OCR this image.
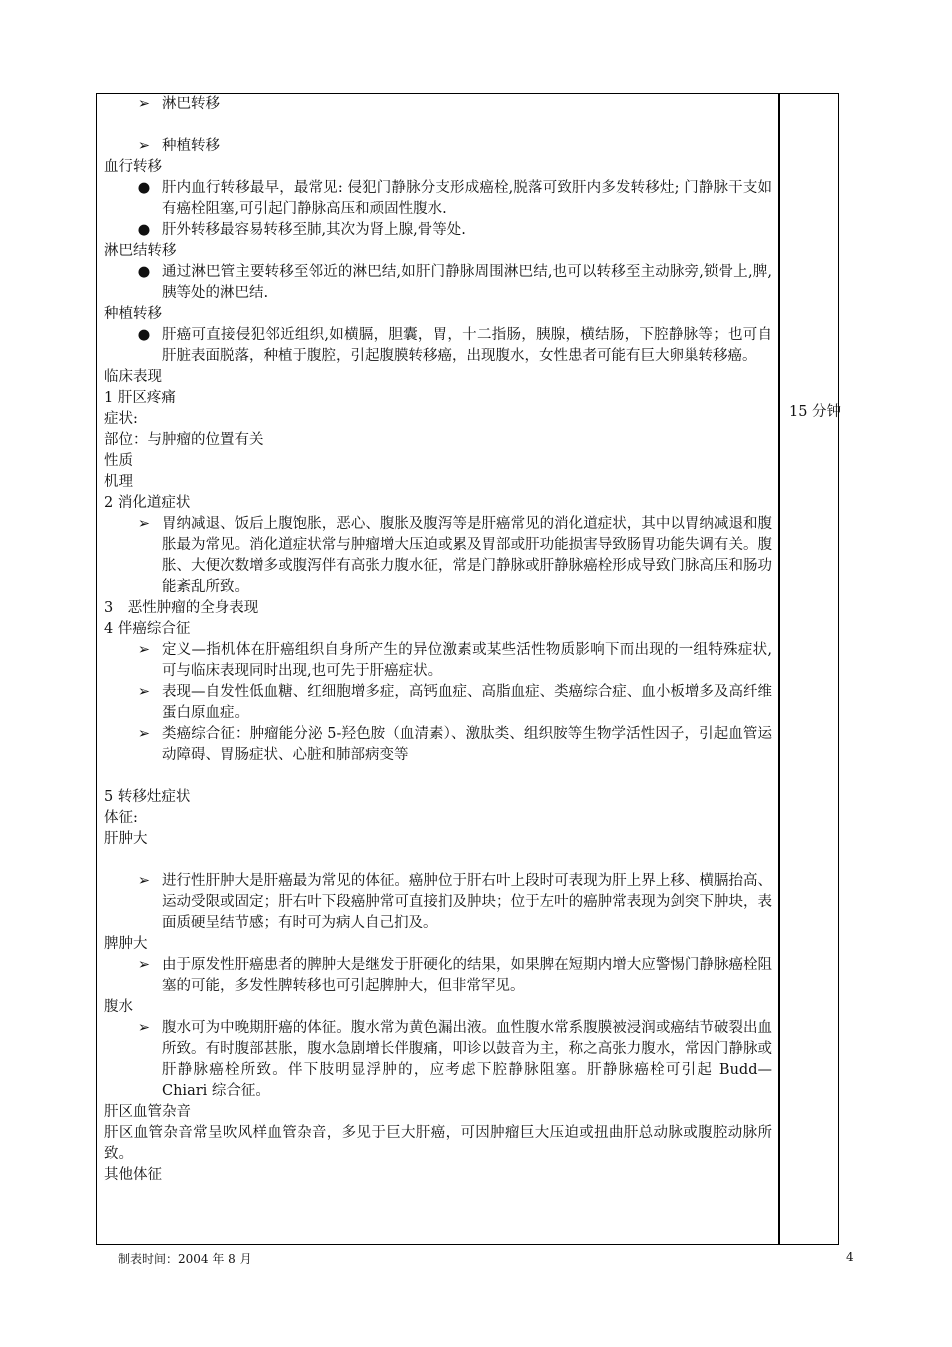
➢ 淋巴转移
➢ 种植转移
血行转移
● 肝内血行转移最早，最常见: 侵犯门静脉分支形成癌栓,脱落可致肝内多发转移灶; 门静脉干支如有癌栓阻塞,可引起门静脉高压和顽固性腹水.
● 肝外转移最容易转移至肺,其次为肾上腺,骨等处.
淋巴结转移
● 通过淋巴管主要转移至邻近的淋巴结,如肝门静脉周围淋巴结,也可以转移至主动脉旁,锁骨上,脾,胰等处的淋巴结.
种植转移
● 肝癌可直接侵犯邻近组织,如横膈，胆囊，胃，十二指肠，胰腺，横结肠，下腔静脉等；也可自肝脏表面脱落，种植于腹腔，引起腹膜转移癌，出现腹水，女性患者可能有巨大卵巢转移癌。
临床表现
1 肝区疼痛
症状:
部位：与肿瘤的位置有关
性质
机理
2 消化道症状
➢ 胃纳减退、饭后上腹饱胀，恶心、腹胀及腹泻等是肝癌常见的消化道症状，其中以胃纳减退和腹胀最为常见。消化道症状常与肿瘤增大压迫或累及胃部或肝功能损害导致肠胃功能失调有关。腹胀、大便次数增多或腹泻伴有高张力腹水征，常是门静脉或肝静脉癌栓形成导致门脉高压和肠功能紊乱所致。
3　恶性肿瘤的全身表现
4 伴癌综合征
➢ 定义—指机体在肝癌组织自身所产生的异位激素或某些活性物质影响下而出现的一组特殊症状,可与临床表现同时出现,也可先于肝癌症状。
➢ 表现—自发性低血糖、红细胞增多症，高钙血症、高脂血症、类癌综合症、血小板增多及高纤维蛋白原血症。
➢ 类癌综合征：肿瘤能分泌 5-羟色胺（血清素）、激肽类、组织胺等生物学活性因子，引起血管运动障碍、胃肠症状、心脏和肺部病变等
5 转移灶症状
体征:
肝肿大
➢ 进行性肝肿大是肝癌最为常见的体征。癌肿位于肝右叶上段时可表现为肝上界上移、横膈抬高、运动受限或固定；肝右叶下段癌肿常可直接扪及肿块；位于左叶的癌肿常表现为剑突下肿块，表面质硬呈结节感；有时可为病人自己扪及。
脾肿大
➢ 由于原发性肝癌患者的脾肿大是继发于肝硬化的结果，如果脾在短期内增大应警惕门静脉癌栓阻塞的可能，多发性脾转移也可引起脾肿大，但非常罕见。
腹水
➢ 腹水可为中晚期肝癌的体征。腹水常为黄色漏出液。血性腹水常系腹膜被浸润或癌结节破裂出血所致。有时腹部甚胀，腹水急剧增长伴腹痛，叩诊以鼓音为主，称之高张力腹水，常因门静脉或肝静脉癌栓所致。伴下肢明显浮肿的，应考虑下腔静脉阻塞。肝静脉癌栓可引起 Budd—Chiari 综合征。
肝区血管杂音
肝区血管杂音常呈吹风样血管杂音，多见于巨大肝癌，可因肿瘤巨大压迫或扭曲肝总动脉或腹腔动脉所致。
其他体征
15 分钟
制表时间：2004 年 8 月	4
